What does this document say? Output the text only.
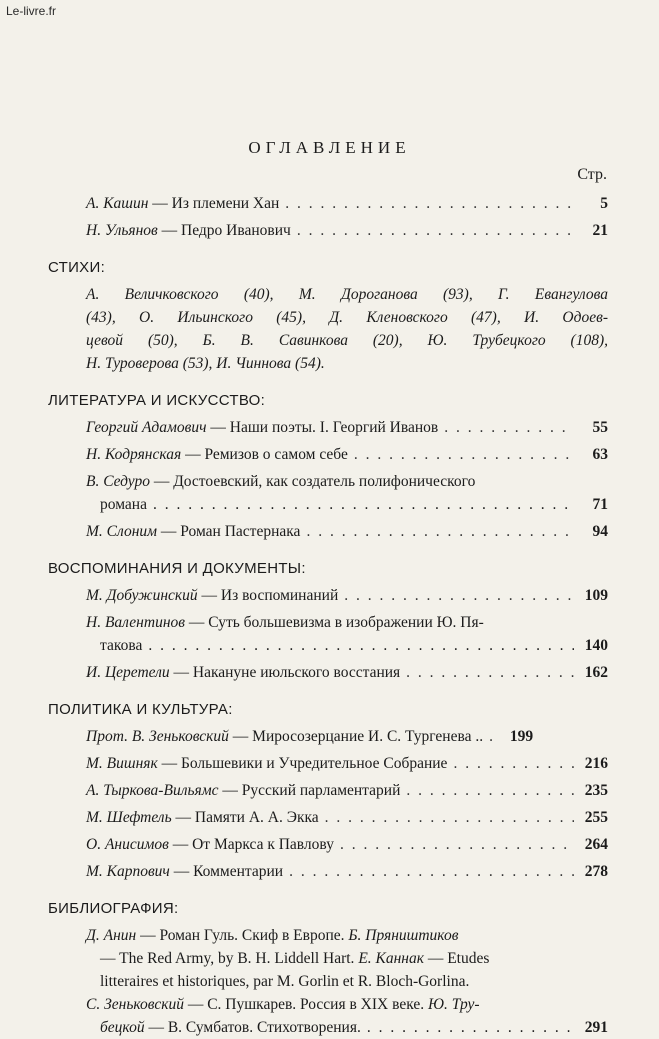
Le-livre.fr
ОГЛАВЛЕНИЕ
Стр.
А. Кашин — Из племени Хан . . .	5
Н. Ульянов — Педро Иванович . . .	21
СТИХИ:
А. Величковского (40), М. Дороганова (93), Г. Евангулова
(43), О. Ильинского (45), Д. Кленовского (47), И. Одоев-
цевой (50), Б. В. Савинкова (20), Ю. Трубецкого (108),
Н. Туроверова (53), И. Чиннова (54).
ЛИТЕРАТУРА И ИСКУССТВО:
Георгий Адамович — Наши поэты. I. Георгий Иванов . . .	55
Н. Кодрянская — Ремизов о самом себе . . .	63
В. Седуро — Достоевский, как создатель полифонического
романа . . .	71
М. Слоним — Роман Пастернака . . .	94
ВОСПОМИНАНИЯ И ДОКУМЕНТЫ:
М. Добужинский — Из воспоминаний . . .	109
Н. Валентинов — Суть большевизма в изображении Ю. Пя-
такова . . .	140
И. Церетели — Накануне июльского восстания . . .	162
ПОЛИТИКА И КУЛЬТУРА:
Прот. В. Зеньковский — Миросозерцание И. С. Тургенева .. . . .	199
М. Вишняк — Большевики и Учредительное Собрание . . .	216
А. Тыркова-Вильямс — Русский парламентарий . . .	235
М. Шефтель — Памяти А. А. Экка . . .	255
О. Анисимов — От Маркса к Павлову . . .	264
М. Карпович — Комментарии . . .	278
БИБЛИОГРАФИЯ:
Д. Анин — Роман Гуль. Скиф в Европе. Б. Пряништиков
— The Red Army, by B. H. Liddell Hart. E. Каннак — Etudes
litteraires et historiques, par M. Gorlin et R. Bloch-Gorlina.
С. Зеньковский — С. Пушкарев. Россия в XIX веке. Ю. Тру-
бецкой — В. Сумбатов. Стихотворения. . . .	291
